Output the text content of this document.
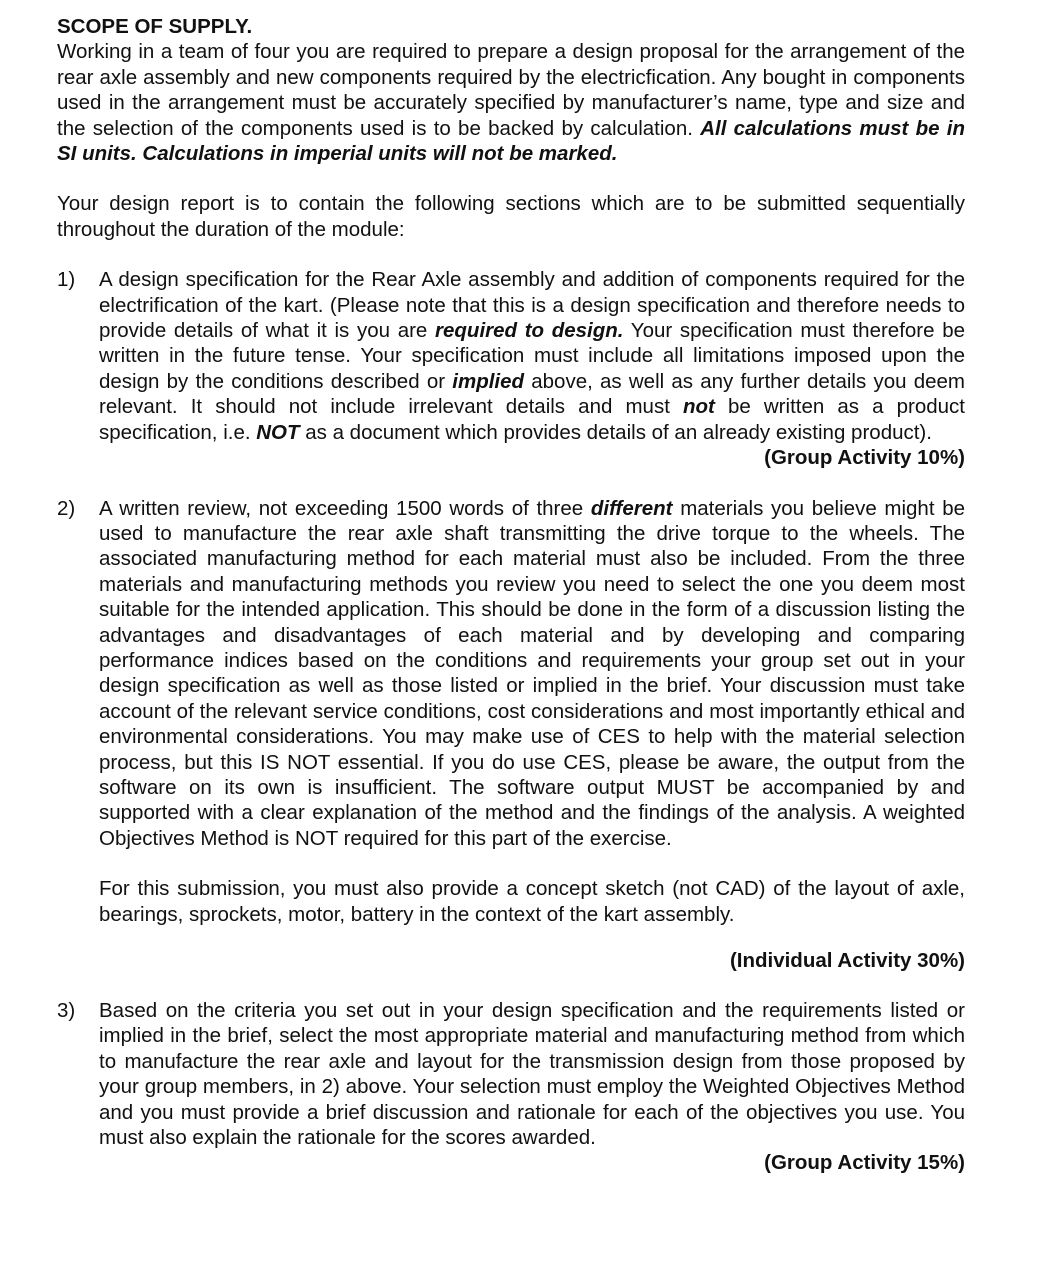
SCOPE OF SUPPLY.

Working in a team of four you are required to prepare a design proposal for the arrangement of the rear axle assembly and new components required by the electricfication. Any bought in components used in the arrangement must be accurately specified by manufacturer’s name, type and size and the selection of the components used is to be backed by calculation. All calculations must be in SI units. Calculations in imperial units will not be marked.

Your design report is to contain the following sections which are to be submitted sequentially throughout the duration of the module:

1)	A design specification for the Rear Axle assembly and addition of components required for the electrification of the kart. (Please note that this is a design specification and therefore needs to provide details of what it is you are required to design. Your specification must therefore be written in the future tense. Your specification must include all limitations imposed upon the design by the conditions described or implied above, as well as any further details you deem relevant. It should not include irrelevant details and must not be written as a product specification, i.e. NOT as a document which provides details of an already existing product).

(Group Activity 10%)

2)	A written review, not exceeding 1500 words of three different materials you believe might be used to manufacture the rear axle shaft transmitting the drive torque to the wheels. The associated manufacturing method for each material must also be included. From the three materials and manufacturing methods you review you need to select the one you deem most suitable for the intended application. This should be done in the form of a discussion listing the advantages and disadvantages of each material and by developing and comparing performance indices based on the conditions and requirements your group set out in your design specification as well as those listed or implied in the brief. Your discussion must take account of the relevant service conditions, cost considerations and most importantly ethical and environmental considerations. You may make use of CES to help with the material selection process, but this IS NOT essential. If you do use CES, please be aware, the output from the software on its own is insufficient. The software output MUST be accompanied by and supported with a clear explanation of the method and the findings of the analysis. A weighted Objectives Method is NOT required for this part of the exercise.

For this submission, you must also provide a concept sketch (not CAD) of the layout of axle, bearings, sprockets, motor, battery in the context of the kart assembly.

(Individual Activity 30%)

3)	Based on the criteria you set out in your design specification and the requirements listed or implied in the brief, select the most appropriate material and manufacturing method from which to manufacture the rear axle and layout for the transmission design from those proposed by your group members, in 2) above. Your selection must employ the Weighted Objectives Method and you must provide a brief discussion and rationale for each of the objectives you use. You must also explain the rationale for the scores awarded.

(Group Activity 15%)
